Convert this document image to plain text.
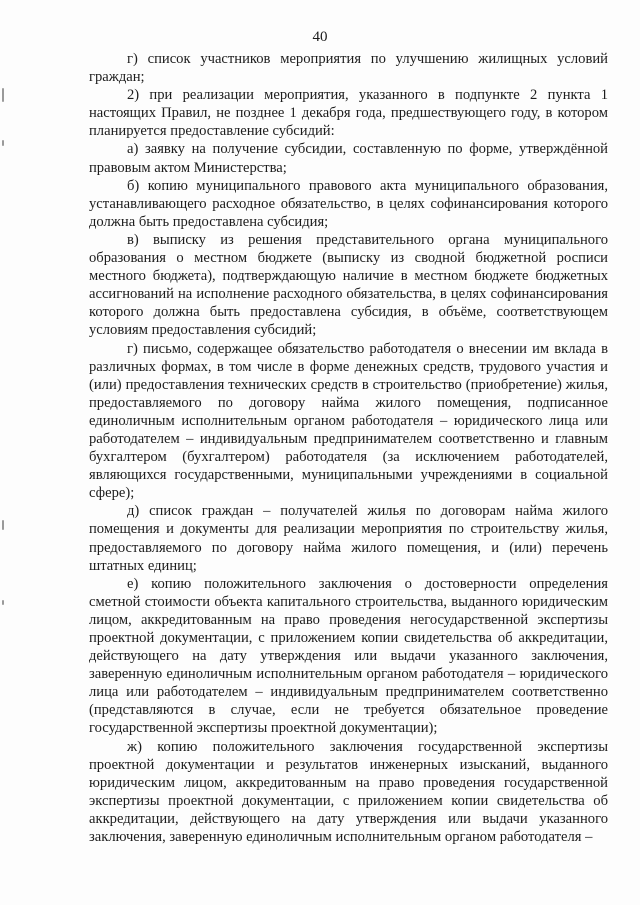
40

г) список участников мероприятия по улучшению жилищных условий граждан;

2) при реализации мероприятия, указанного в подпункте 2 пункта 1 настоящих Правил, не позднее 1 декабря года, предшествующего году, в котором планируется предоставление субсидий:

а) заявку на получение субсидии, составленную по форме, утверждённой правовым актом Министерства;

б) копию муниципального правового акта муниципального образования, устанавливающего расходное обязательство, в целях софинансирования которого должна быть предоставлена субсидия;

в) выписку из решения представительного органа муниципального образования о местном бюджете (выписку из сводной бюджетной росписи местного бюджета), подтверждающую наличие в местном бюджете бюджетных ассигнований на исполнение расходного обязательства, в целях софинансирования которого должна быть предоставлена субсидия, в объёме, соответствующем условиям предоставления субсидий;

г) письмо, содержащее обязательство работодателя о внесении им вклада в различных формах, в том числе в форме денежных средств, трудового участия и (или) предоставления технических средств в строительство (приобретение) жилья, предоставляемого по договору найма жилого помещения, подписанное единоличным исполнительным органом работодателя – юридического лица или работодателем – индивидуальным предпринимателем соответственно и главным бухгалтером (бухгалтером) работодателя (за исключением работодателей, являющихся государственными, муниципальными учреждениями в социальной сфере);

д) список граждан – получателей жилья по договорам найма жилого помещения и документы для реализации мероприятия по строительству жилья, предоставляемого по договору найма жилого помещения, и (или) перечень штатных единиц;

е) копию положительного заключения о достоверности определения сметной стоимости объекта капитального строительства, выданного юридическим лицом, аккредитованным на право проведения негосударственной экспертизы проектной документации, с приложением копии свидетельства об аккредитации, действующего на дату утверждения или выдачи указанного заключения, заверенную единоличным исполнительным органом работодателя – юридического лица или работодателем – индивидуальным предпринимателем соответственно (представляются в случае, если не требуется обязательное проведение государственной экспертизы проектной документации);

ж) копию положительного заключения государственной экспертизы проектной документации и результатов инженерных изысканий, выданного юридическим лицом, аккредитованным на право проведения государственной экспертизы проектной документации, с приложением копии свидетельства об аккредитации, действующего на дату утверждения или выдачи указанного заключения, заверенную единоличным исполнительным органом работодателя –
